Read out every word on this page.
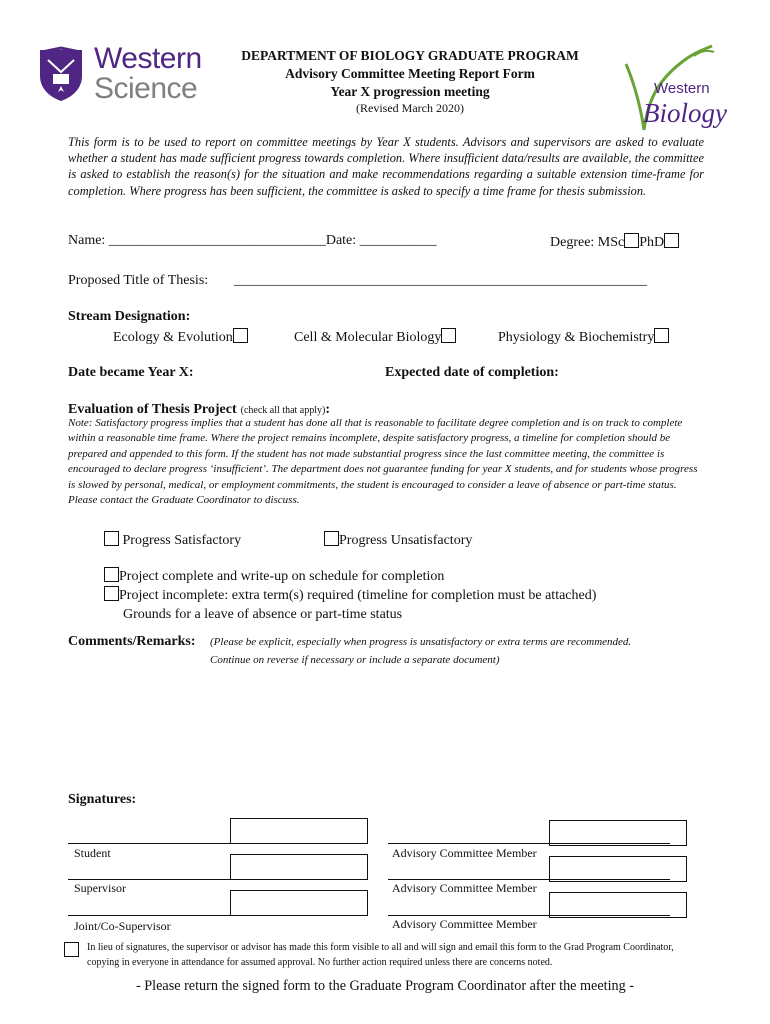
Western
Science	Western
Biology
DEPARTMENT OF BIOLOGY GRADUATE PROGRAM
Advisory Committee Meeting Report Form
Year X progression meeting
(Revised March 2020)
This form is to be used to report on committee meetings by Year X students. Advisors and supervisors are asked to evaluate whether a student has made sufficient progress towards completion. Where insufficient data/results are available, the committee is asked to establish the reason(s) for the situation and make recommendations regarding a suitable extension time-frame for completion. Where progress has been sufficient, the committee is asked to specify a time frame for thesis submission.
Name: _______________________________Date: ___________	Degree: MSc PhD
Proposed Title of Thesis: ___________________________________________________________
Stream Designation:
Ecology & Evolution	Cell & Molecular Biology	Physiology & Biochemistry
Date became Year X:	Expected date of completion:
Evaluation of Thesis Project (check all that apply):
Note: Satisfactory progress implies that a student has done all that is reasonable to facilitate degree completion and is on track to complete within a reasonable time frame. Where the project remains incomplete, despite satisfactory progress, a timeline for completion should be prepared and appended to this form. If the student has not made substantial progress since the last committee meeting, the committee is encouraged to declare progress ‘insufficient’. The department does not guarantee funding for year X students, and for students whose progress is slowed by personal, medical, or employment commitments, the student is encouraged to consider a leave of absence or part-time status. Please contact the Graduate Coordinator to discuss.
Progress Satisfactory	Progress Unsatisfactory
Project complete and write-up on schedule for completion
Project incomplete: extra term(s) required (timeline for completion must be attached)
Grounds for a leave of absence or part-time status
Comments/Remarks: (Please be explicit, especially when progress is unsatisfactory or extra terms are recommended.
Continue on reverse if necessary or include a separate document)
Signatures:
Student
Supervisor
Joint/Co-Supervisor
Advisory Committee Member
Advisory Committee Member
Advisory Committee Member
In lieu of signatures, the supervisor or advisor has made this form visible to all and will sign and email this form to the Grad Program Coordinator, copying in everyone in attendance for assumed approval. No further action required unless there are concerns noted.
- Please return the signed form to the Graduate Program Coordinator after the meeting -
